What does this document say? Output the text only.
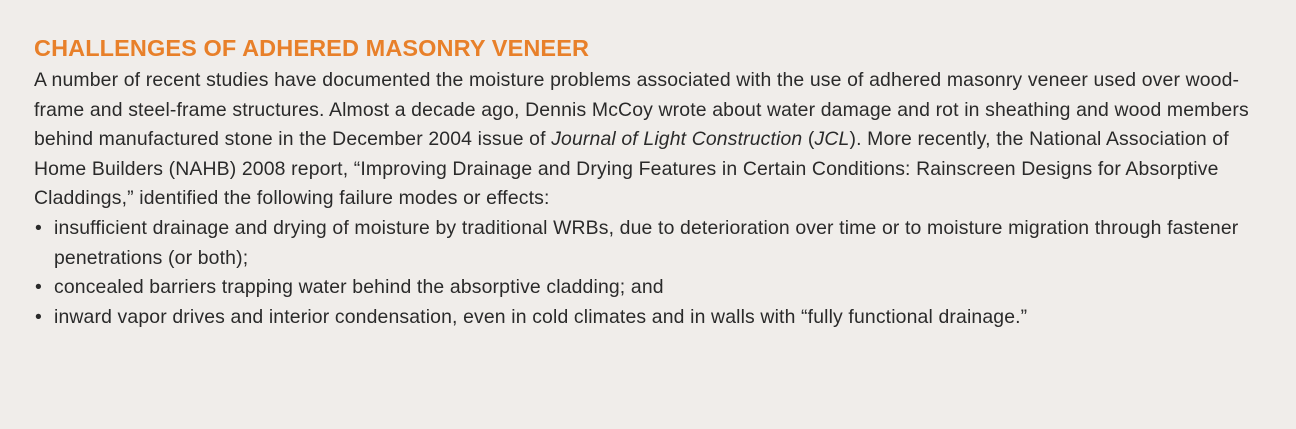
CHALLENGES OF ADHERED MASONRY VENEER

A number of recent studies have documented the moisture problems associated with the use of adhered masonry veneer used over wood-frame and steel-frame structures. Almost a decade ago, Dennis McCoy wrote about water damage and rot in sheathing and wood members behind manufactured stone in the December 2004 issue of Journal of Light Construction (JCL). More recently, the National Association of Home Builders (NAHB) 2008 report, “Improving Drainage and Drying Features in Certain Conditions: Rainscreen Designs for Absorptive Claddings,” identified the following failure modes or effects:

• insufficient drainage and drying of moisture by traditional WRBs, due to deterioration over time or to moisture migration through fastener penetrations (or both);
• concealed barriers trapping water behind the absorptive cladding; and
• inward vapor drives and interior condensation, even in cold climates and in walls with “fully functional drainage.”
